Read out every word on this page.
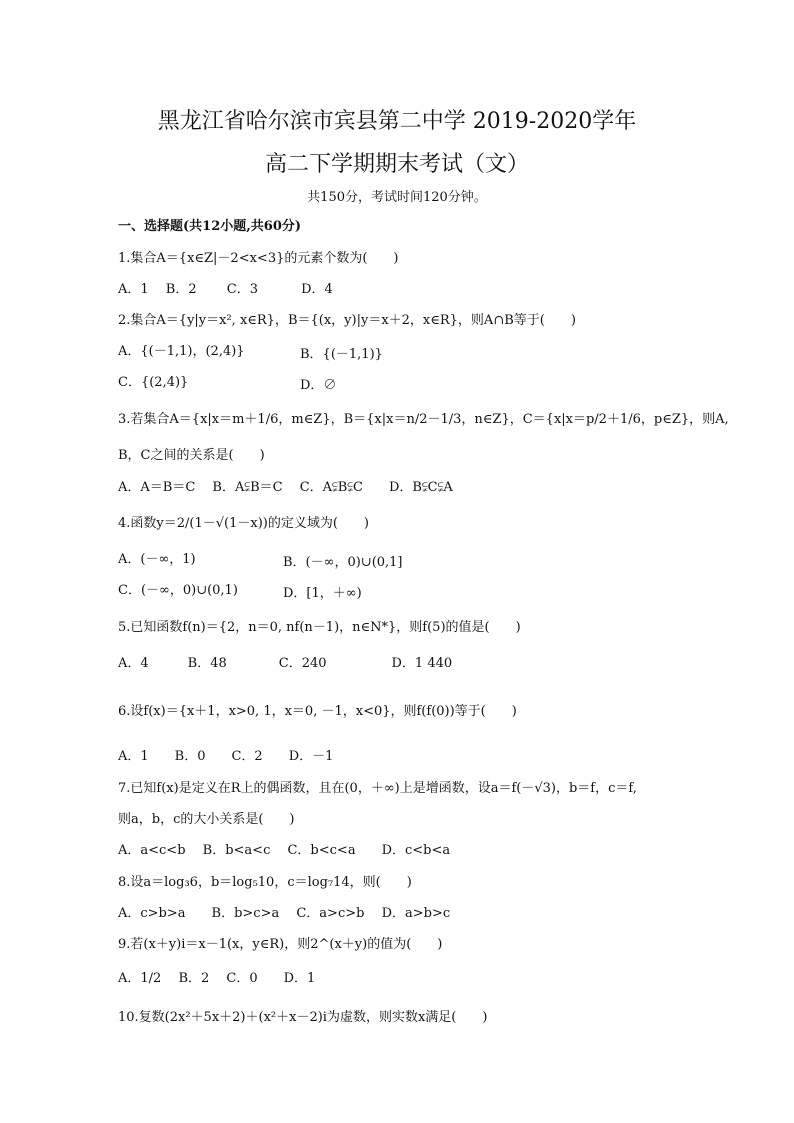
黑龙江省哈尔滨市宾县第二中学 2019-2020学年
高二下学期期末考试（文）
共150分，考试时间120分钟。
一、选择题(共12小题,共60分)
1.集合A＝{x∈Z|－2<x<3}的元素个数为(　　)
A．1　 B．2　　 C．3　　　 D．4
2.集合A＝{y|y＝x², x∈R}，B＝{(x，y)|y＝x＋2，x∈R}，则A∩B等于(　　)
A．{(－1,1)，(2,4)}	B．{(－1,1)}
C．{(2,4)}	D．∅
3.若集合A＝{x|x＝m＋1/6，m∈Z}，B＝{x|x＝n/2－1/3，n∈Z}，C＝{x|x＝p/2＋1/6，p∈Z}，则A,
B，C之间的关系是(　　)
A．A＝B＝C　 B．A⫋B＝C　 C．A⫋B⫋C　　D．B⫋C⫋A
4.函数y＝2/(1－√(1－x))的定义域为(　　)
A．(－∞，1)	B．(－∞，0)∪(0,1]
C．(－∞，0)∪(0,1)	D．[1，＋∞)
5.已知函数f(n)＝{2，n＝0, nf(n－1)，n∈N*}，则f(5)的值是(　　)
A．4　　　B．48　　　　C．240　　　　　D．1 440
6.设f(x)＝{x＋1，x>0, 1，x＝0, －1，x<0}，则f(f(0))等于(　　)
A．1　　B．0　　C．2　　D．－1
7.已知f(x)是定义在R上的偶函数，且在(0，＋∞)上是增函数，设a＝f(－√3)，b＝f，c＝f,
则a，b，c的大小关系是(　　)
A．a<c<b　 B．b<a<c　 C．b<c<a　　D．c<b<a
8.设a＝log₃6，b＝log₅10，c＝log₇14，则(　　)
A．c>b>a　　B．b>c>a　 C．a>c>b　 D．a>b>c
9.若(x＋y)i＝x－1(x，y∈R)，则2^(x＋y)的值为(　　)
A．1/2　 B．2　 C．0　　D．1
10.复数(2x²＋5x＋2)＋(x²＋x－2)i为虚数，则实数x满足(　　)
